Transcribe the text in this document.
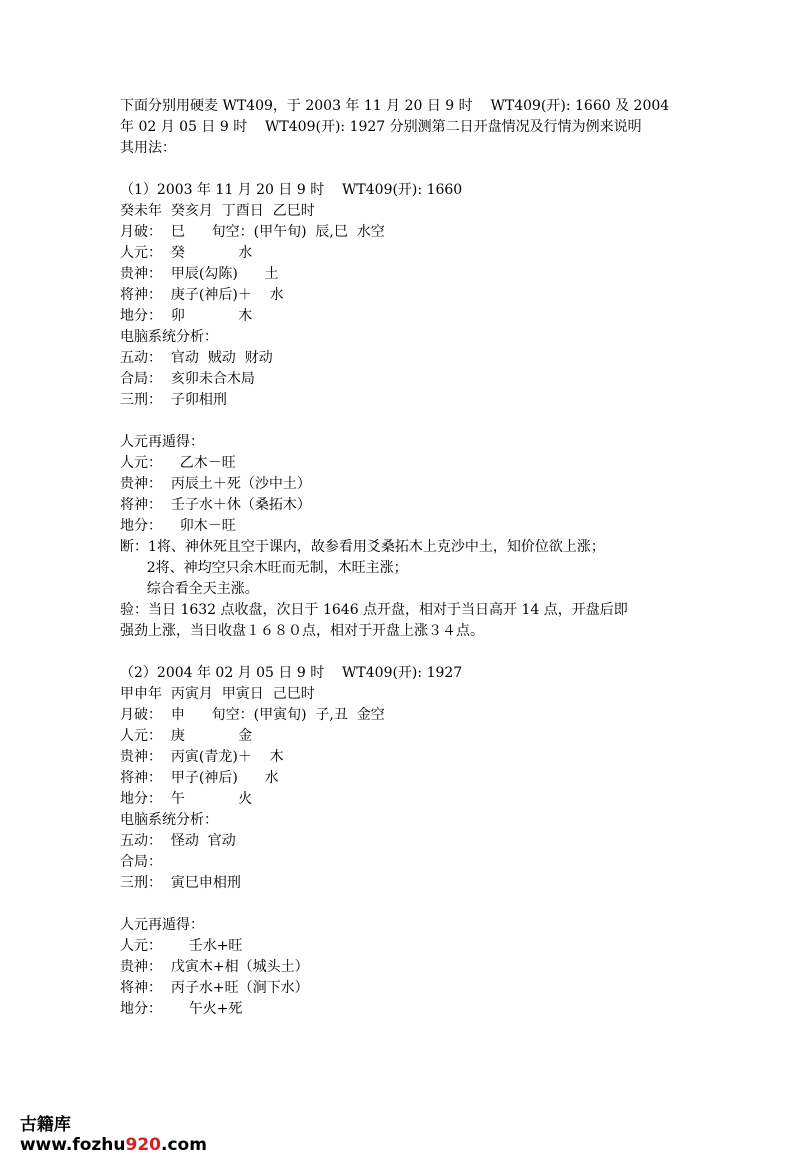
下面分别用硬麦 WT409，于 2003 年 11 月 20 日 9 时    WT409(开): 1660 及 2004
年 02 月 05 日 9 时    WT409(开): 1927 分别测第二日开盘情况及行情为例来说明
其用法：
（1）2003 年 11 月 20 日 9 时    WT409(开): 1660
癸未年  癸亥月  丁酉日  乙巳时
月破：  巳      旬空：(甲午旬)  辰,巳  水空
人元：  癸            水
贵神：  甲辰(勾陈)      土
将神：  庚子(神后)＋    水
地分：  卯            木
电脑系统分析：
五动：  官动  贼动  财动
合局：  亥卯未合木局
三刑：  子卯相刑
人元再遁得：
人元：    乙木－旺
贵神：  丙辰土＋死（沙中土）
将神：  壬子水＋休（桑拓木）
地分：    卯木－旺
断：1将、神休死且空于课内，故参看用爻桑拓木上克沙中土，知价位欲上涨；
2将、神均空只余木旺而无制，木旺主涨；
综合看全天主涨。
验：当日 1632 点收盘，次日于 1646 点开盘，相对于当日高开 14 点，开盘后即
强劲上涨，当日收盘１６８０点，相对于开盘上涨３４点。
（2）2004 年 02 月 05 日 9 时    WT409(开): 1927
甲申年  丙寅月  甲寅日  己巳时
月破：  申      旬空：(甲寅旬)  子,丑  金空
人元：  庚            金
贵神：  丙寅(青龙)＋    木
将神：  甲子(神后)      水
地分：  午            火
电脑系统分析：
五动：  怪动  官动
合局：
三刑：  寅巳申相刑
人元再遁得：
人元：      壬水+旺
贵神：  戊寅木+相（城头土）
将神：  丙子水+旺（涧下水）
地分：      午火+死

古籍库
www.fozhu920.com
